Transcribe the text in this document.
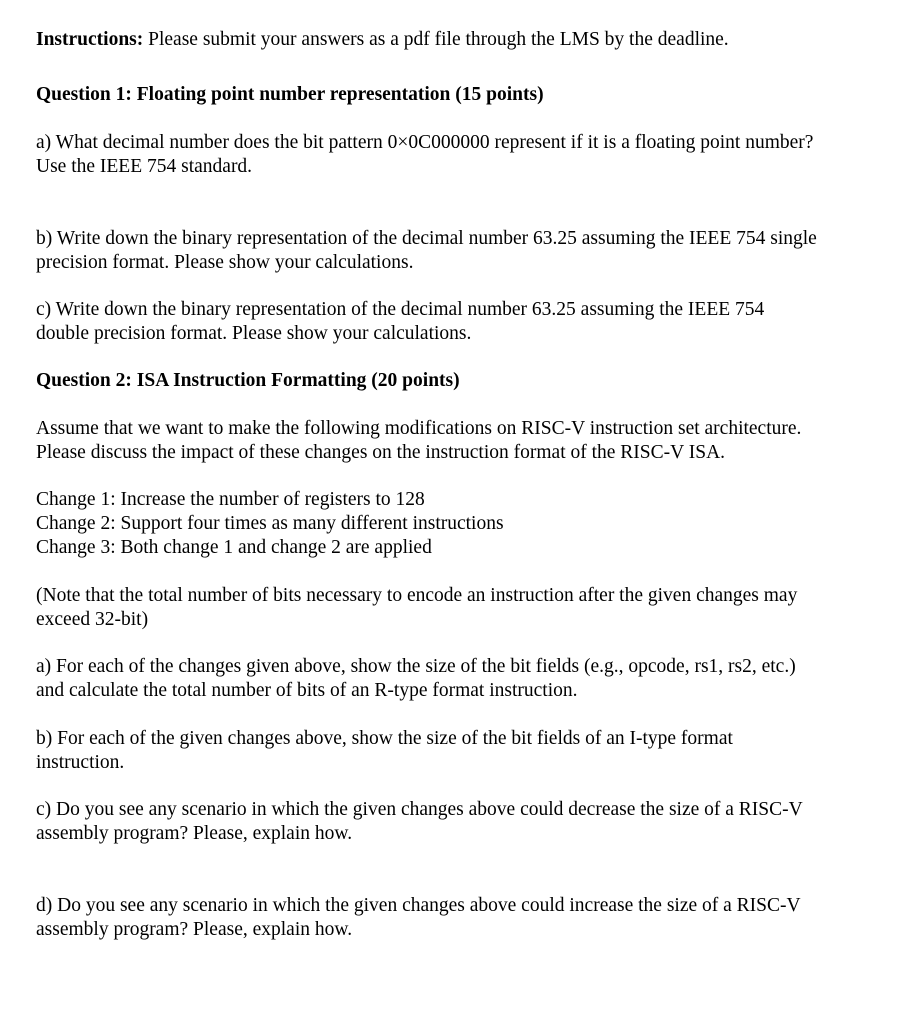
Instructions: Please submit your answers as a pdf file through the LMS by the deadline.

Question 1: Floating point number representation (15 points)

a) What decimal number does the bit pattern 0×0C000000 represent if it is a floating point number?
Use the IEEE 754 standard.
b) Write down the binary representation of the decimal number 63.25 assuming the IEEE 754 single
precision format. Please show your calculations.
c) Write down the binary representation of the decimal number 63.25 assuming the IEEE 754
double precision format. Please show your calculations.

Question 2: ISA Instruction Formatting (20 points)

Assume that we want to make the following modifications on RISC-V instruction set architecture.
Please discuss the impact of these changes on the instruction format of the RISC-V ISA.
Change 1: Increase the number of registers to 128
Change 2: Support four times as many different instructions
Change 3: Both change 1 and change 2 are applied
(Note that the total number of bits necessary to encode an instruction after the given changes may
exceed 32-bit)
a) For each of the changes given above, show the size of the bit fields (e.g., opcode, rs1, rs2, etc.)
and calculate the total number of bits of an R-type format instruction.
b) For each of the given changes above, show the size of the bit fields of an I-type format
instruction.
c) Do you see any scenario in which the given changes above could decrease the size of a RISC-V
assembly program? Please, explain how.
d) Do you see any scenario in which the given changes above could increase the size of a RISC-V
assembly program? Please, explain how.
